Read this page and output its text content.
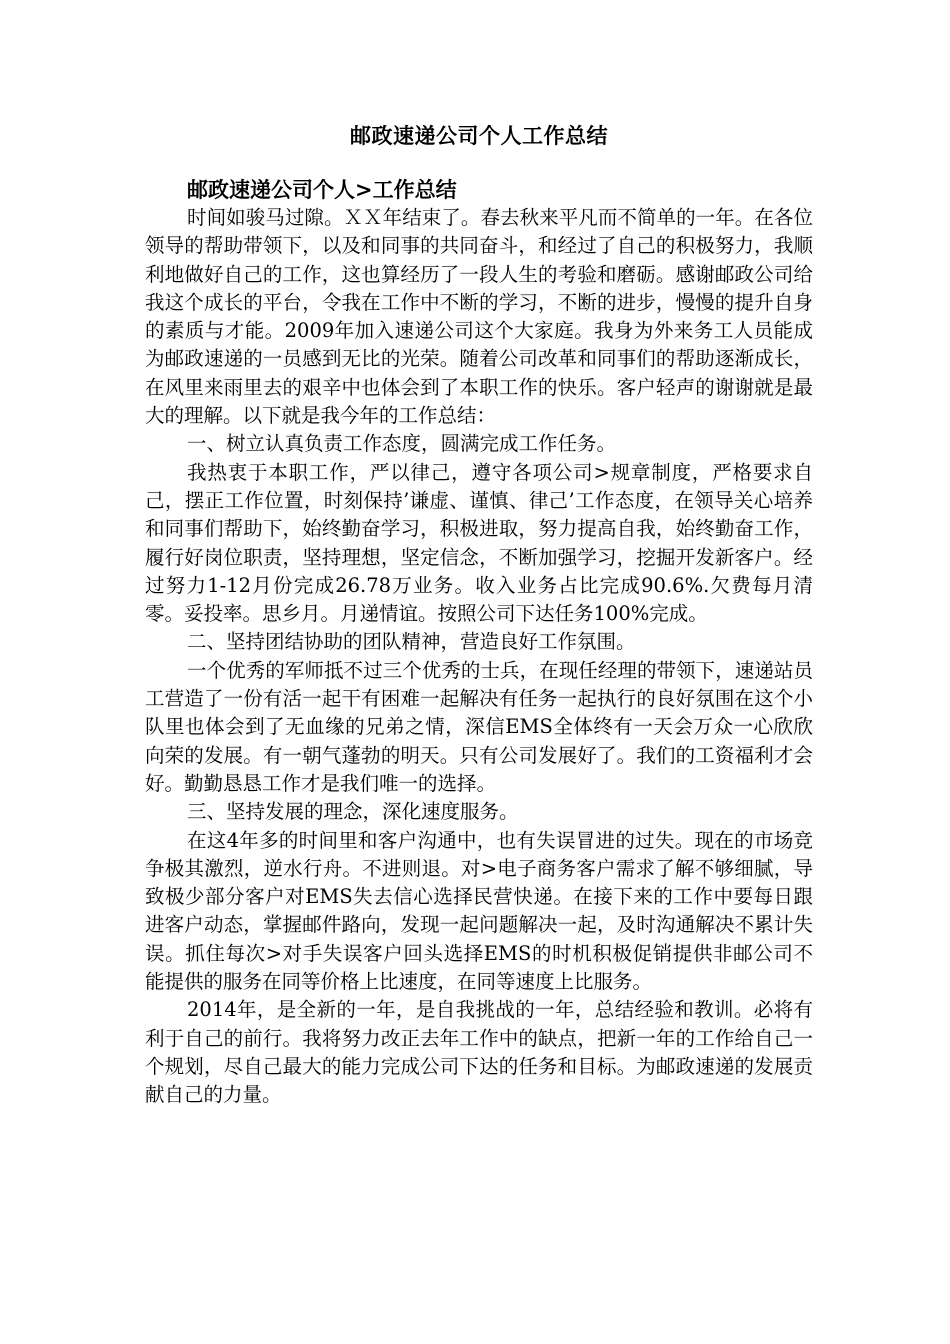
邮政速递公司个人工作总结
邮政速递公司个人>工作总结

时间如骏马过隙。ＸＸ年结束了。春去秋来平凡而不简单的一年。在各位领导的帮助带领下，以及和同事的共同奋斗，和经过了自己的积极努力，我顺利地做好自己的工作，这也算经历了一段人生的考验和磨砺。感谢邮政公司给我这个成长的平台，令我在工作中不断的学习，不断的进步，慢慢的提升自身的素质与才能。2009年加入速递公司这个大家庭。我身为外来务工人员能成为邮政速递的一员感到无比的光荣。随着公司改革和同事们的帮助逐渐成长，在风里来雨里去的艰辛中也体会到了本职工作的快乐。客户轻声的谢谢就是最大的理解。以下就是我今年的工作总结：

一、树立认真负责工作态度，圆满完成工作任务。

我热衷于本职工作，严以律己，遵守各项公司>规章制度，严格要求自己，摆正工作位置，时刻保持’谦虚、谨慎、律己’工作态度，在领导关心培养和同事们帮助下，始终勤奋学习，积极进取，努力提高自我，始终勤奋工作，履行好岗位职责，坚持理想，坚定信念，不断加强学习，挖掘开发新客户。经过努力1-12月份完成26.78万业务。收入业务占比完成90.6%.欠费每月清零。妥投率。思乡月。月递情谊。按照公司下达任务100%完成。

二、坚持团结协助的团队精神，营造良好工作氛围。

一个优秀的军师抵不过三个优秀的士兵，在现任经理的带领下，速递站员工营造了一份有活一起干有困难一起解决有任务一起执行的良好氛围在这个小队里也体会到了无血缘的兄弟之情，深信EMS全体终有一天会万众一心欣欣向荣的发展。有一朝气蓬勃的明天。只有公司发展好了。我们的工资福利才会好。勤勤恳恳工作才是我们唯一的选择。

三、坚持发展的理念，深化速度服务。

在这4年多的时间里和客户沟通中，也有失误冒进的过失。现在的市场竞争极其激烈，逆水行舟。不进则退。对>电子商务客户需求了解不够细腻，导致极少部分客户对EMS失去信心选择民营快递。在接下来的工作中要每日跟进客户动态，掌握邮件路向，发现一起问题解决一起，及时沟通解决不累计失误。抓住每次>对手失误客户回头选择EMS的时机积极促销提供非邮公司不能提供的服务在同等价格上比速度，在同等速度上比服务。

2014年，是全新的一年，是自我挑战的一年，总结经验和教训。必将有利于自己的前行。我将努力改正去年工作中的缺点，把新一年的工作给自己一个规划，尽自己最大的能力完成公司下达的任务和目标。为邮政速递的发展贡献自己的力量。
